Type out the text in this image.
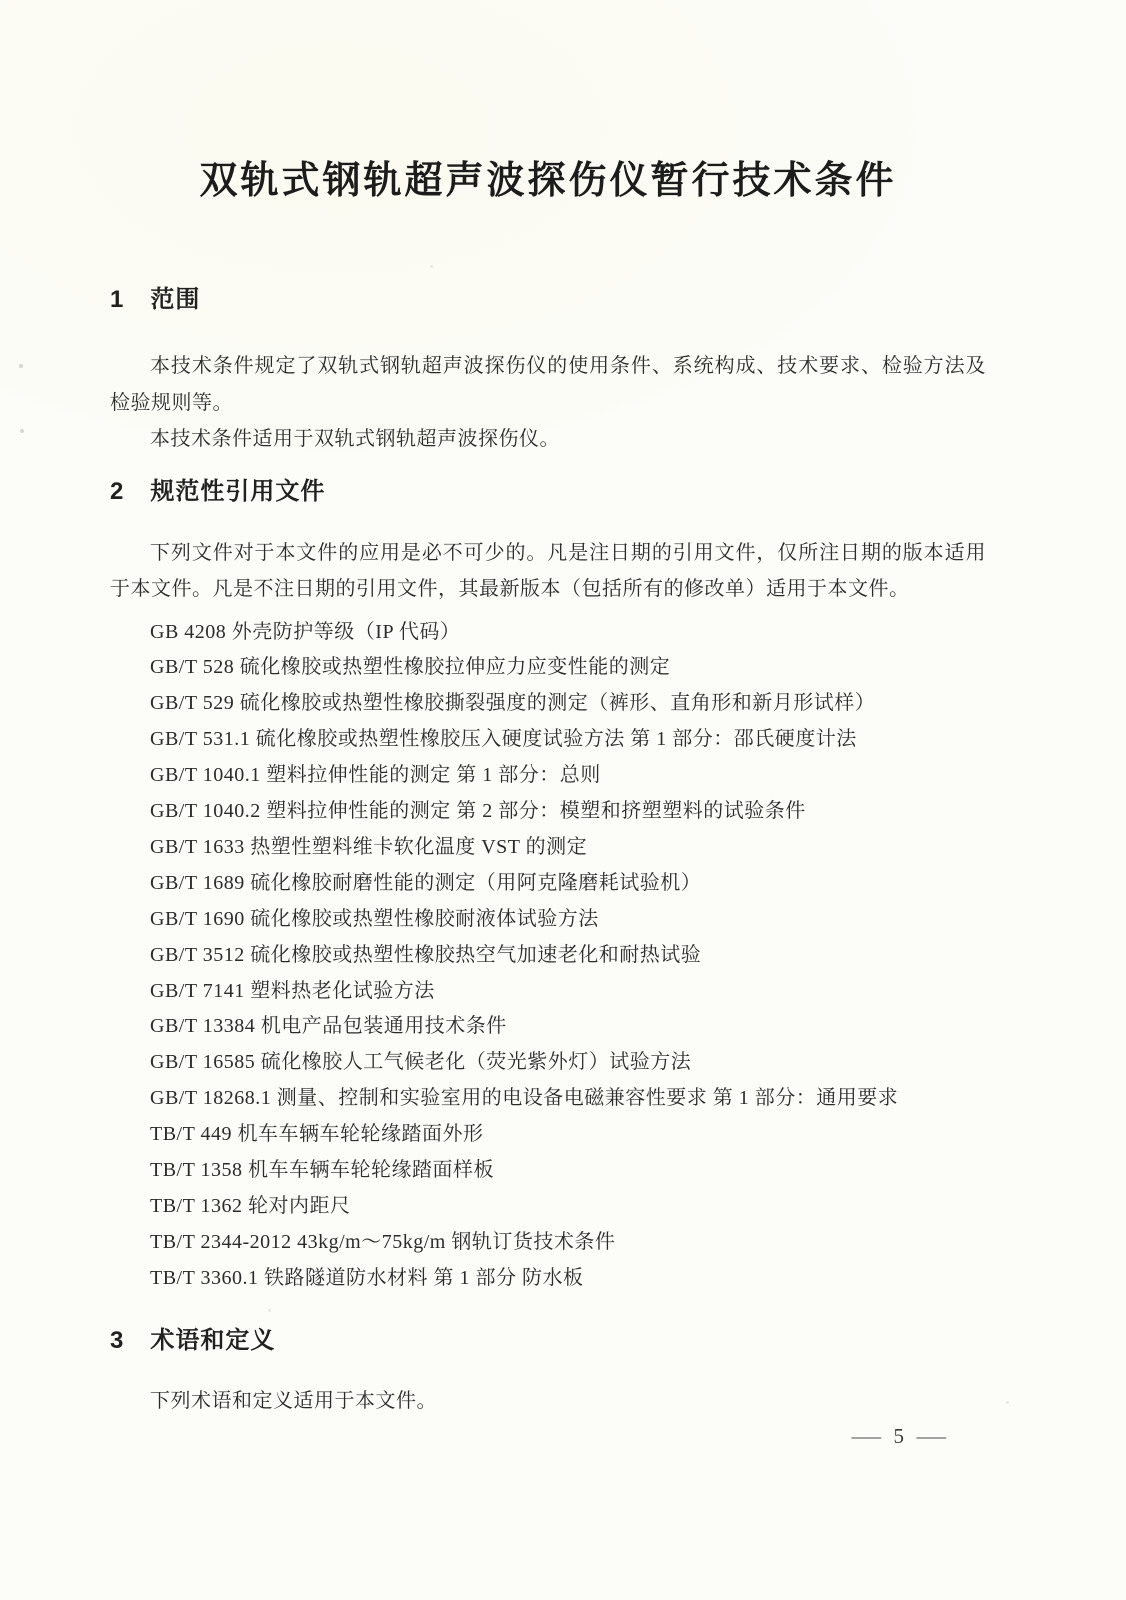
双轨式钢轨超声波探伤仪暂行技术条件
1 范围

本技术条件规定了双轨式钢轨超声波探伤仪的使用条件、系统构成、技术要求、检验方法及检验规则等。

本技术条件适用于双轨式钢轨超声波探伤仪。

2 规范性引用文件

下列文件对于本文件的应用是必不可少的。凡是注日期的引用文件，仅所注日期的版本适用于本文件。凡是不注日期的引用文件，其最新版本（包括所有的修改单）适用于本文件。

GB 4208 外壳防护等级（IP 代码）

GB/T 528 硫化橡胶或热塑性橡胶拉伸应力应变性能的测定

GB/T 529 硫化橡胶或热塑性橡胶撕裂强度的测定（裤形、直角形和新月形试样）

GB/T 531.1 硫化橡胶或热塑性橡胶压入硬度试验方法 第 1 部分：邵氏硬度计法

GB/T 1040.1 塑料拉伸性能的测定 第 1 部分：总则

GB/T 1040.2 塑料拉伸性能的测定 第 2 部分：模塑和挤塑塑料的试验条件

GB/T 1633 热塑性塑料维卡软化温度 VST 的测定

GB/T 1689 硫化橡胶耐磨性能的测定（用阿克隆磨耗试验机）

GB/T 1690 硫化橡胶或热塑性橡胶耐液体试验方法

GB/T 3512 硫化橡胶或热塑性橡胶热空气加速老化和耐热试验

GB/T 7141 塑料热老化试验方法

GB/T 13384 机电产品包装通用技术条件

GB/T 16585 硫化橡胶人工气候老化（荧光紫外灯）试验方法

GB/T 18268.1 测量、控制和实验室用的电设备电磁兼容性要求 第 1 部分：通用要求

TB/T 449 机车车辆车轮轮缘踏面外形

TB/T 1358 机车车辆车轮轮缘踏面样板

TB/T 1362 轮对内距尺

TB/T 2344-2012 43kg/m～75kg/m 钢轨订货技术条件

TB/T 3360.1 铁路隧道防水材料 第 1 部分 防水板

3 术语和定义

下列术语和定义适用于本文件。

— 5 —
